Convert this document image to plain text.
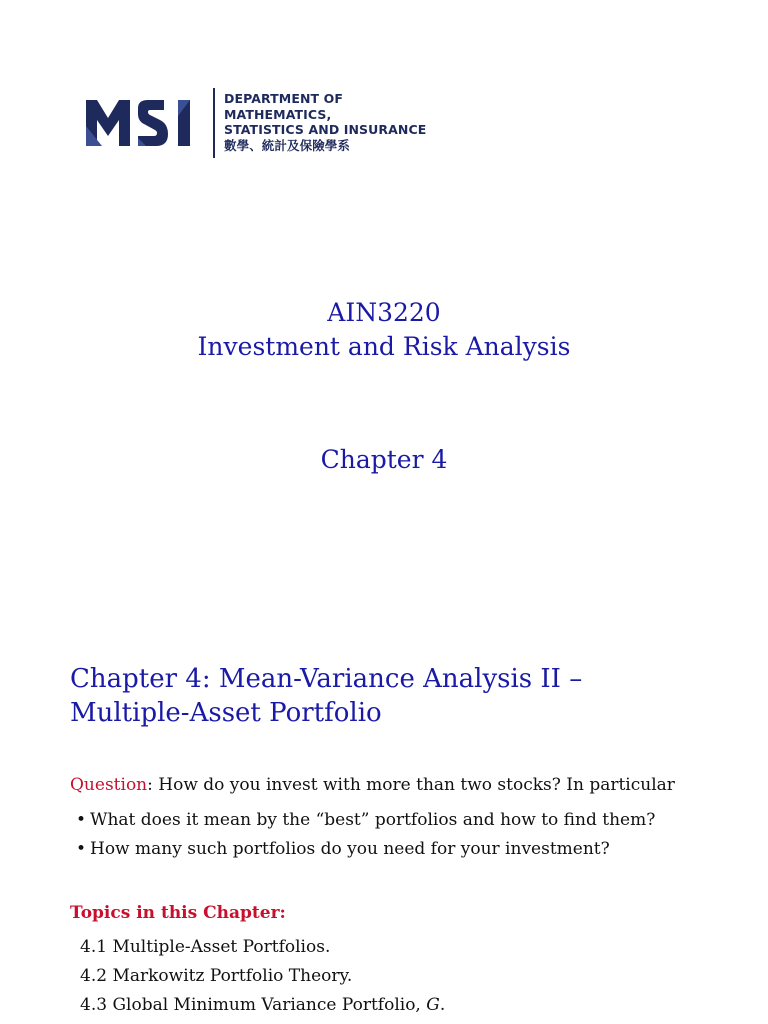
DEPARTMENT OF
MATHEMATICS,
STATISTICS AND INSURANCE
數學、統計及保險學系
AIN3220
Investment and Risk Analysis
Chapter 4
Chapter 4: Mean-Variance Analysis II – Multiple-Asset Portfolio
Question: How do you invest with more than two stocks? In particular
• What does it mean by the “best” portfolios and how to find them?
• How many such portfolios do you need for your investment?
Topics in this Chapter:
4.1 Multiple-Asset Portfolios.
4.2 Markowitz Portfolio Theory.
4.3 Global Minimum Variance Portfolio, G.
